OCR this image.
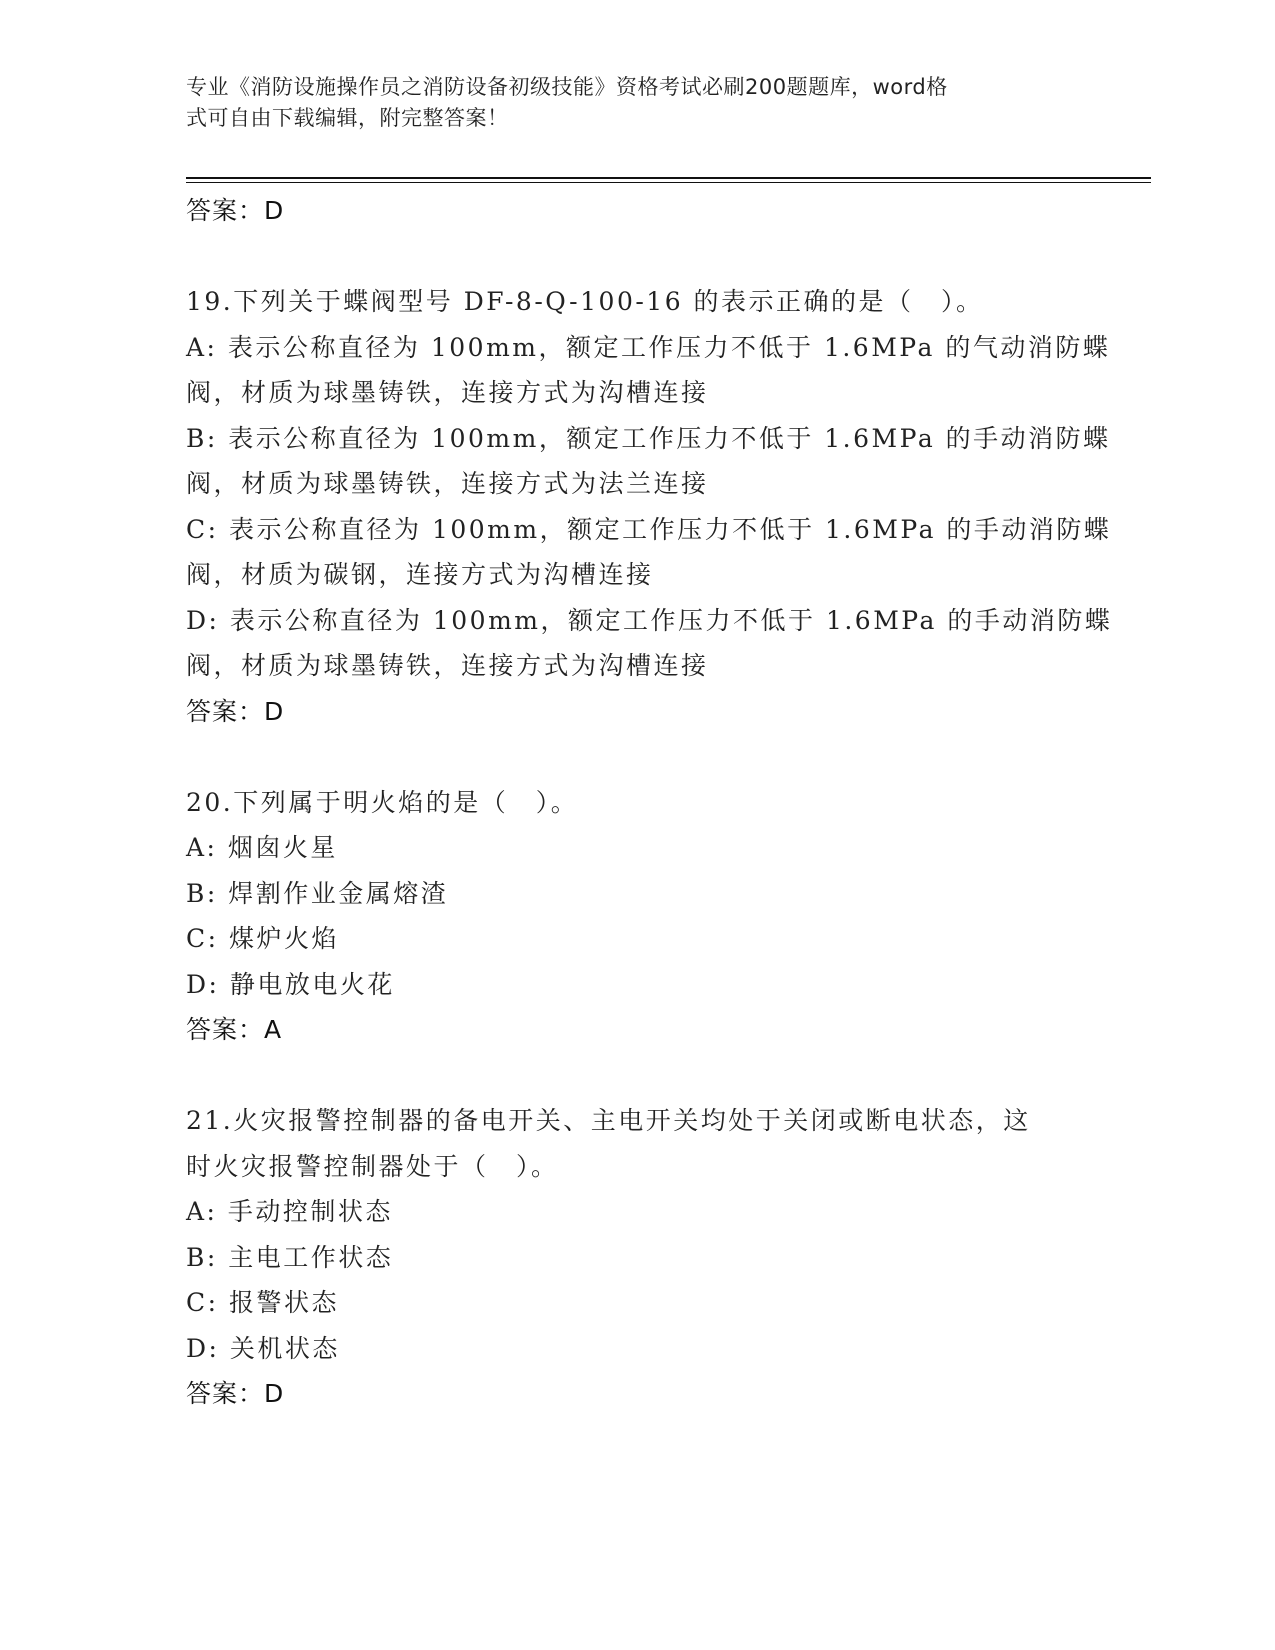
专业《消防设施操作员之消防设备初级技能》资格考试必刷200题题库，word格
式可自由下载编辑，附完整答案！
答案：D
19.下列关于蝶阀型号 DF-8-Q-100-16 的表示正确的是（　）。
A: 表示公称直径为 100mm，额定工作压力不低于 1.6MPa 的气动消防蝶
阀，材质为球墨铸铁，连接方式为沟槽连接
B: 表示公称直径为 100mm，额定工作压力不低于 1.6MPa 的手动消防蝶
阀，材质为球墨铸铁，连接方式为法兰连接
C: 表示公称直径为 100mm，额定工作压力不低于 1.6MPa 的手动消防蝶
阀，材质为碳钢，连接方式为沟槽连接
D: 表示公称直径为 100mm，额定工作压力不低于 1.6MPa 的手动消防蝶
阀，材质为球墨铸铁，连接方式为沟槽连接
答案：D
20.下列属于明火焰的是（　）。
A: 烟囱火星
B: 焊割作业金属熔渣
C: 煤炉火焰
D: 静电放电火花
答案：A
21.火灾报警控制器的备电开关、主电开关均处于关闭或断电状态，这
时火灾报警控制器处于（　）。
A: 手动控制状态
B: 主电工作状态
C: 报警状态
D: 关机状态
答案：D
